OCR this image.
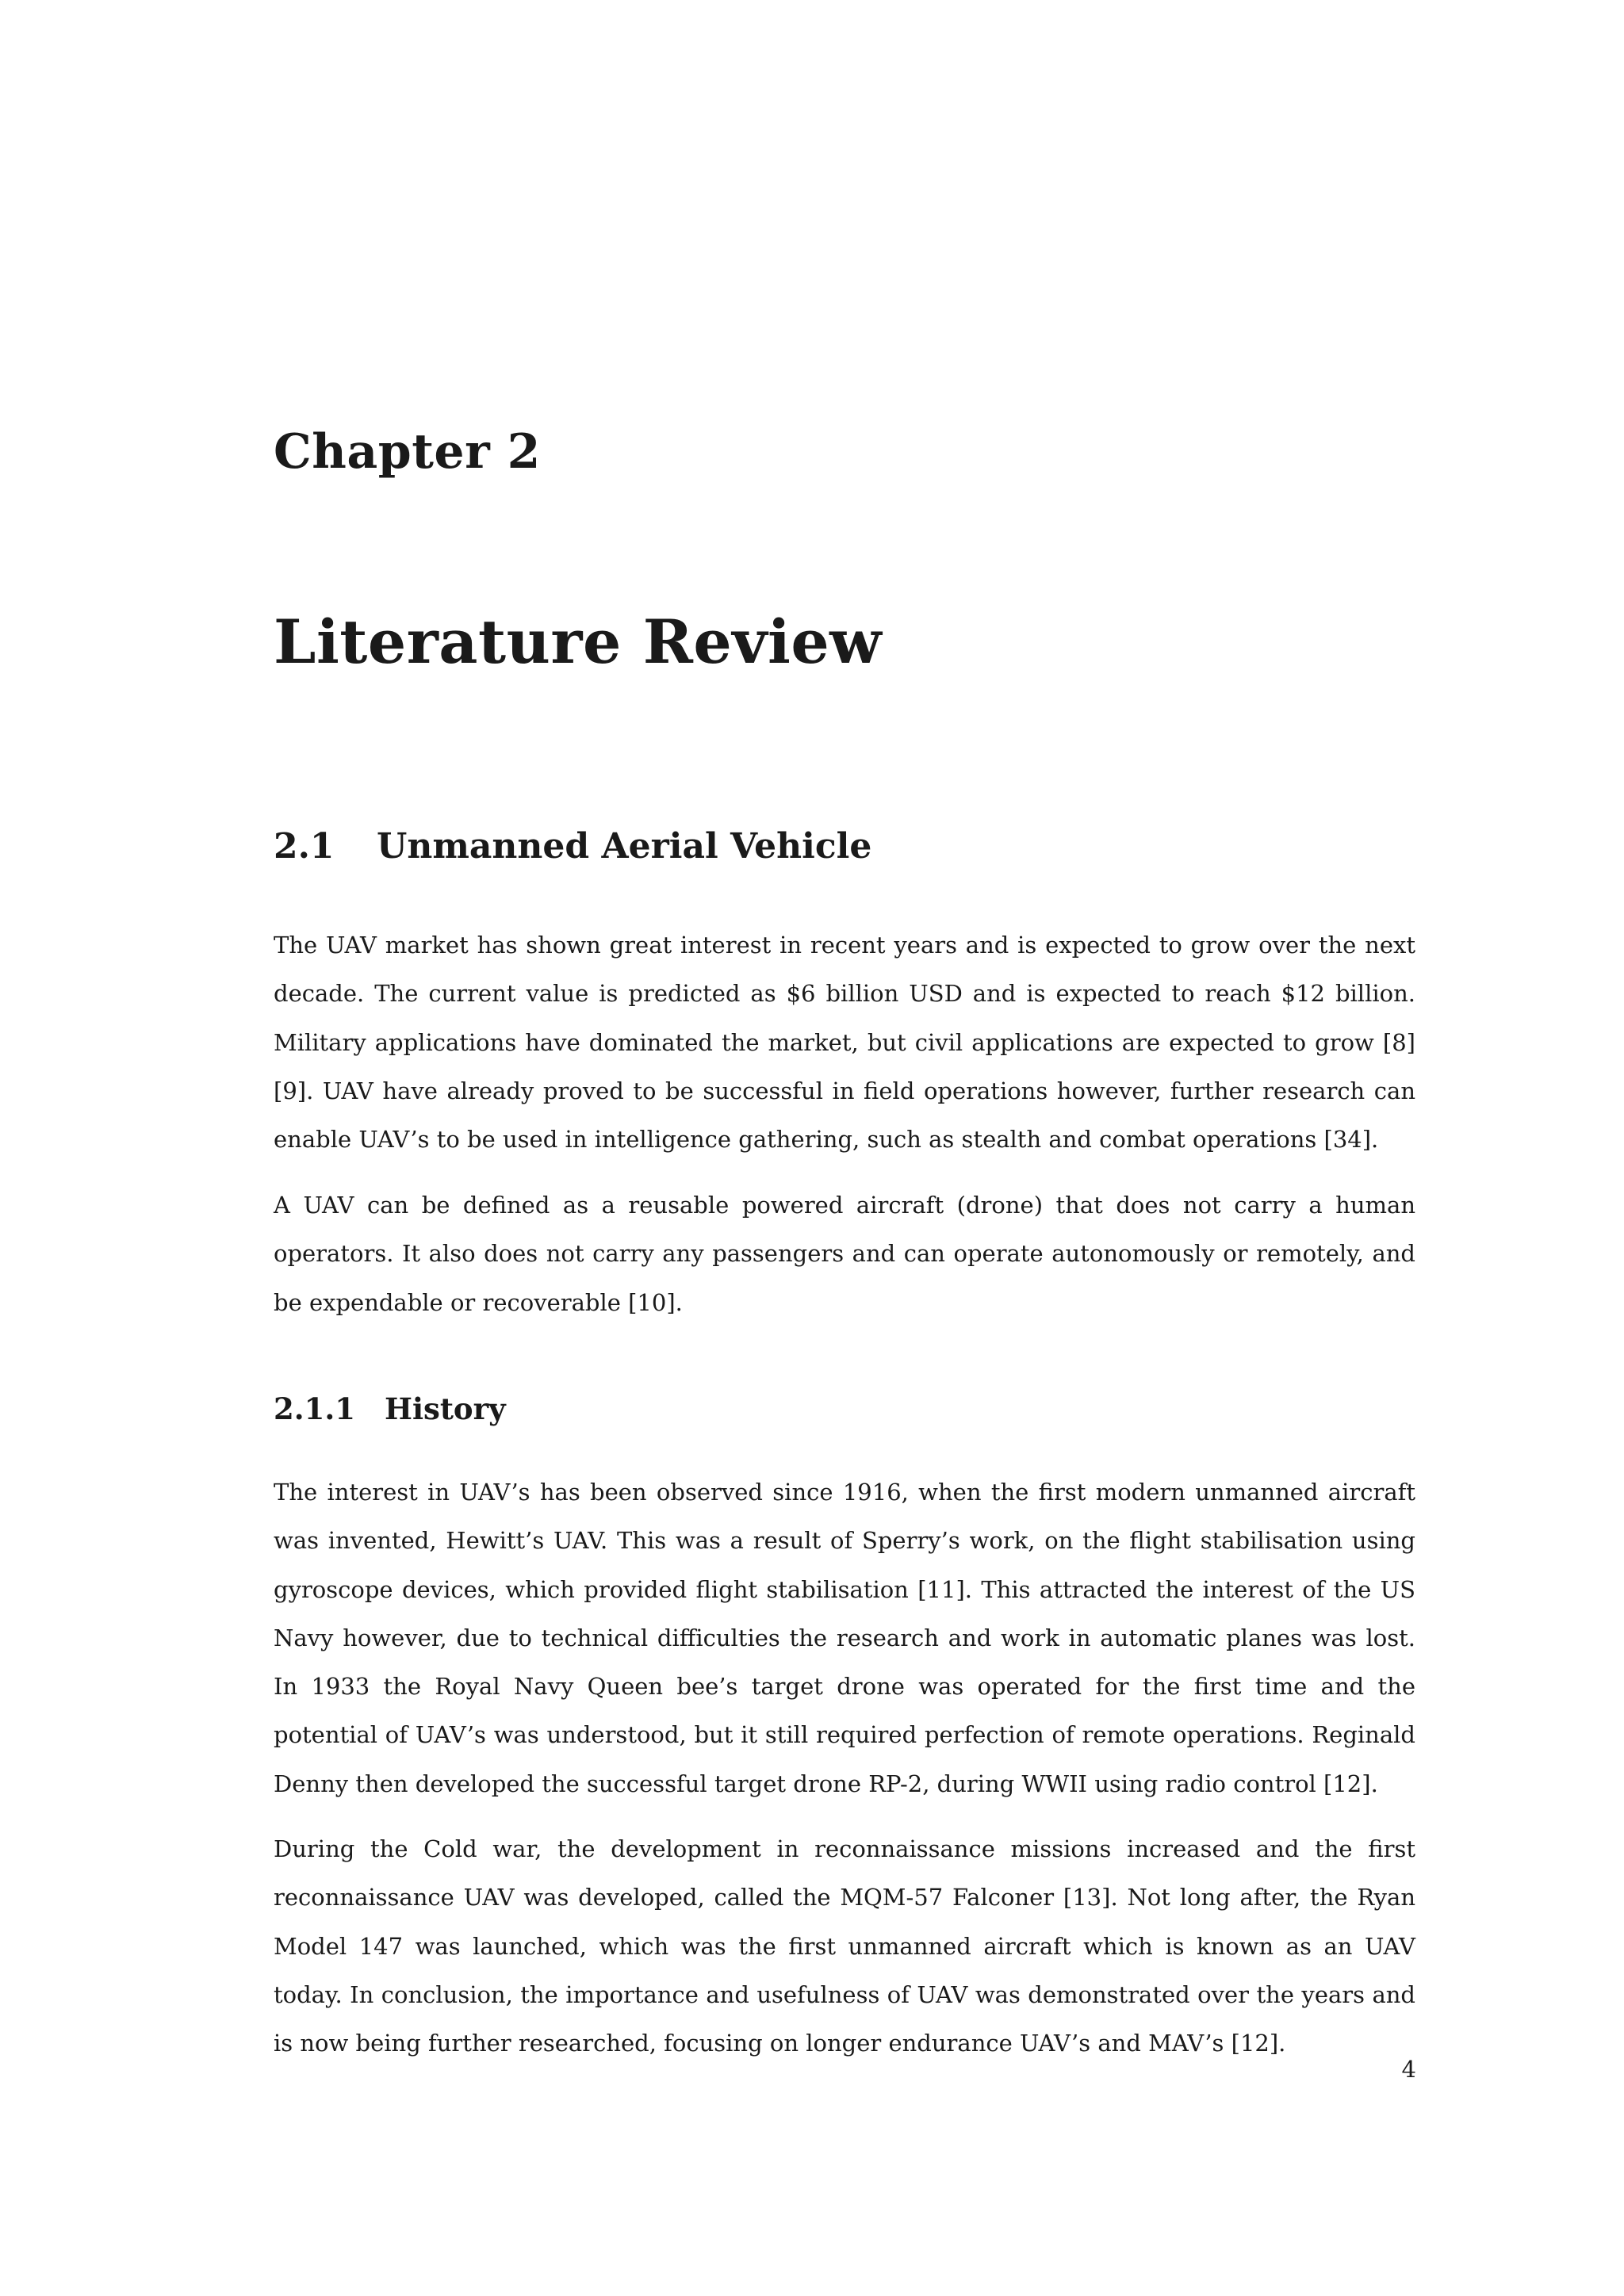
Chapter 2
Literature Review
2.1 Unmanned Aerial Vehicle

The UAV market has shown great interest in recent years and is expected to grow over the next decade. The current value is predicted as $6 billion USD and is expected to reach $12 billion. Military applications have dominated the market, but civil applications are expected to grow [8][9]. UAV have already proved to be successful in field operations however, further research can enable UAV’s to be used in intelligence gathering, such as stealth and combat operations [34].

A UAV can be defined as a reusable powered aircraft (drone) that does not carry a human operators. It also does not carry any passengers and can operate autonomously or remotely, and be expendable or recoverable [10].

2.1.1 History

The interest in UAV’s has been observed since 1916, when the first modern unmanned aircraft was invented, Hewitt’s UAV. This was a result of Sperry’s work, on the flight stabilisation using gyroscope devices, which provided flight stabilisation [11]. This attracted the interest of the US Navy however, due to technical difficulties the research and work in automatic planes was lost. In 1933 the Royal Navy Queen bee’s target drone was operated for the first time and the potential of UAV’s was understood, but it still required perfection of remote operations. Reginald Denny then developed the successful target drone RP-2, during WWII using radio control [12].

During the Cold war, the development in reconnaissance missions increased and the first reconnaissance UAV was developed, called the MQM-57 Falconer [13]. Not long after, the Ryan Model 147 was launched, which was the first unmanned aircraft which is known as an UAV today. In conclusion, the importance and usefulness of UAV was demonstrated over the years and is now being further researched, focusing on longer endurance UAV’s and MAV’s [12].

4
